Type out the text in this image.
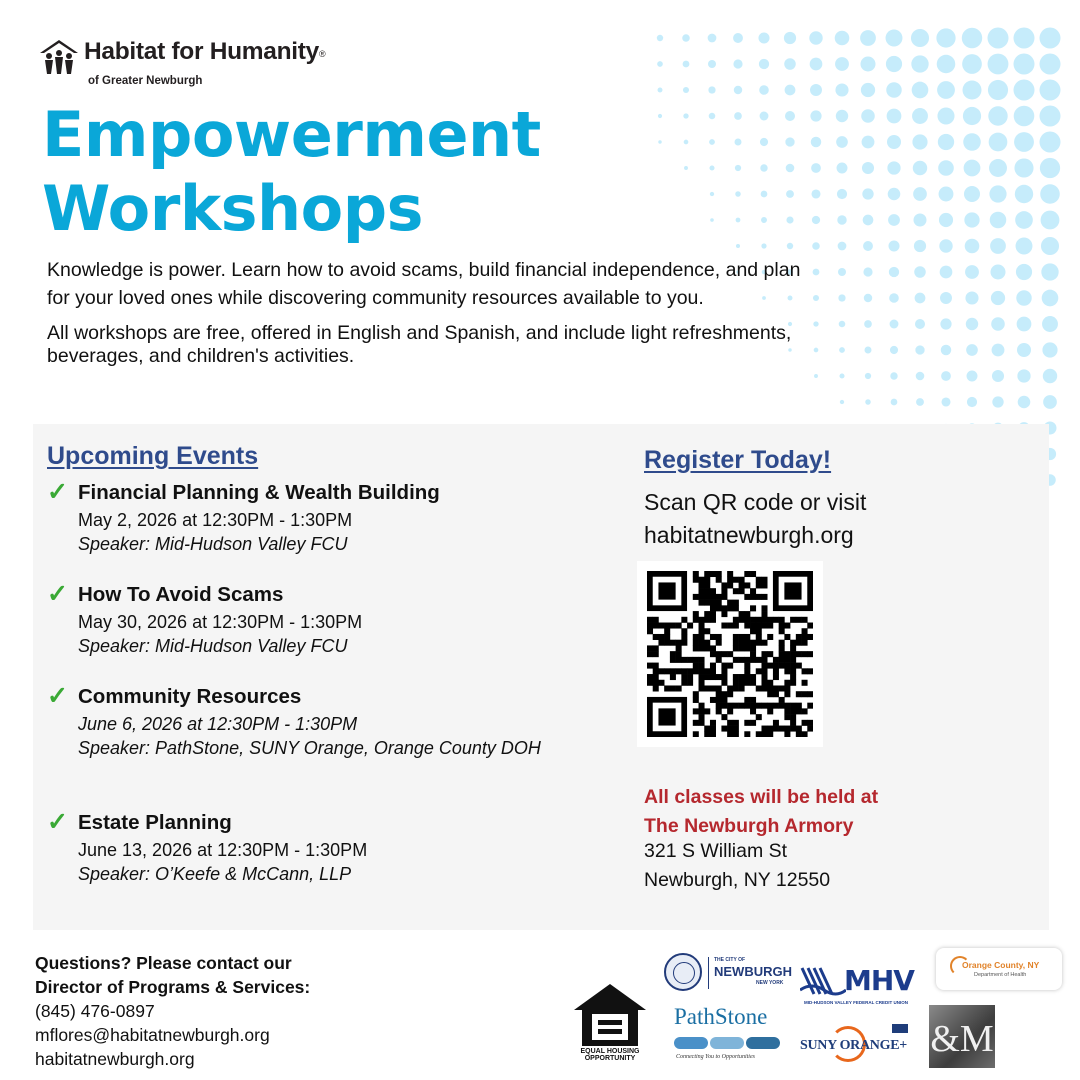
Habitat for Humanity®
of Greater Newburgh
Empowerment
Workshops

Knowledge is power. Learn how to avoid scams, build financial independence, and plan for your loved ones while discovering community resources available to you.

All workshops are free, offered in English and Spanish, and include light refreshments, beverages, and children's activities.

Upcoming Events
✓ Financial Planning & Wealth Building
May 2, 2026 at 12:30PM - 1:30PM
Speaker: Mid-Hudson Valley FCU
✓ How To Avoid Scams
May 30, 2026 at 12:30PM - 1:30PM
Speaker: Mid-Hudson Valley FCU
✓ Community Resources
June 6, 2026 at 12:30PM - 1:30PM
Speaker: PathStone, SUNY Orange, Orange County DOH
✓ Estate Planning
June 13, 2026 at 12:30PM - 1:30PM
Speaker: O’Keefe & McCann, LLP
Register Today!
Scan QR code or visit
habitatnewburgh.org
All classes will be held at
The Newburgh Armory
321 S William St
Newburgh, NY 12550
Questions? Please contact our
Director of Programs & Services:
(845) 476-0897
mflores@habitatnewburgh.org
habitatnewburgh.org	EQUAL HOUSING
OPPORTUNITY
THE CITY OF
NEWBURGH
NEW YORK MHV
MID-HUDSON VALLEY FEDERAL CREDIT UNION
Orange County, NY
Department of Health
PathStone
Connecting You to Opportunities
SUNY ORANGE+ &M
